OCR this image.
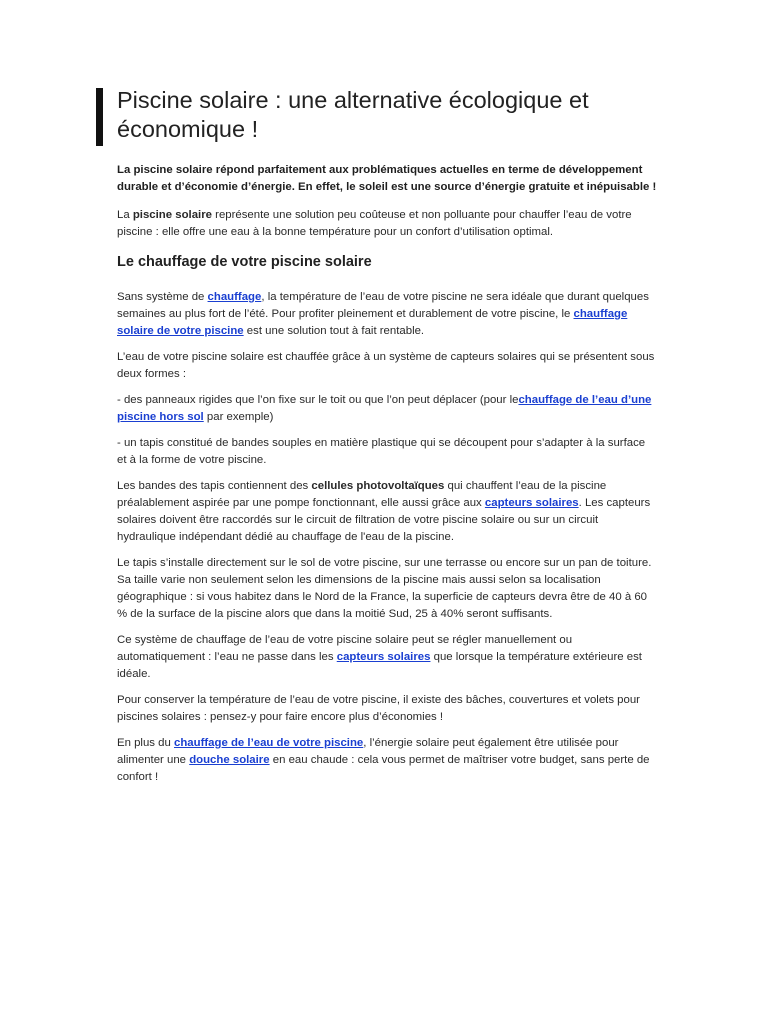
Piscine solaire : une alternative écologique et économique !

La piscine solaire répond parfaitement aux problématiques actuelles en terme de développement durable et d’économie d’énergie. En effet, le soleil est une source d’énergie gratuite et inépuisable !

La piscine solaire représente une solution peu coûteuse et non polluante pour chauffer l’eau de votre piscine : elle offre une eau à la bonne température pour un confort d’utilisation optimal.

Le chauffage de votre piscine solaire

Sans système de chauffage, la température de l’eau de votre piscine ne sera idéale que durant quelques semaines au plus fort de l’été. Pour profiter pleinement et durablement de votre piscine, le chauffage solaire de votre piscine est une solution tout à fait rentable.

L’eau de votre piscine solaire est chauffée grâce à un système de capteurs solaires qui se présentent sous deux formes :

- des panneaux rigides que l’on fixe sur le toit ou que l’on peut déplacer (pour lechauffage de l’eau d’une piscine hors sol par exemple)

- un tapis constitué de bandes souples en matière plastique qui se découpent pour s’adapter à la surface et à la forme de votre piscine.

Les bandes des tapis contiennent des cellules photovoltaïques qui chauffent l’eau de la piscine préalablement aspirée par une pompe fonctionnant, elle aussi grâce aux capteurs solaires. Les capteurs solaires doivent être raccordés sur le circuit de filtration de votre piscine solaire ou sur un circuit hydraulique indépendant dédié au chauffage de l'eau de la piscine.

Le tapis s’installe directement sur le sol de votre piscine, sur une terrasse ou encore sur un pan de toiture. Sa taille varie non seulement selon les dimensions de la piscine mais aussi selon sa localisation géographique : si vous habitez dans le Nord de la France, la superficie de capteurs devra être de 40 à 60 % de la surface de la piscine alors que dans la moitié Sud, 25 à 40% seront suffisants.

Ce système de chauffage de l’eau de votre piscine solaire peut se régler manuellement ou automatiquement : l’eau ne passe dans les capteurs solaires que lorsque la température extérieure est idéale.

Pour conserver la température de l’eau de votre piscine, il existe des bâches, couvertures et volets pour piscines solaires : pensez-y pour faire encore plus d’économies !

En plus du chauffage de l’eau de votre piscine, l’énergie solaire peut également être utilisée pour alimenter une douche solaire en eau chaude : cela vous permet de maîtriser votre budget, sans perte de confort !
